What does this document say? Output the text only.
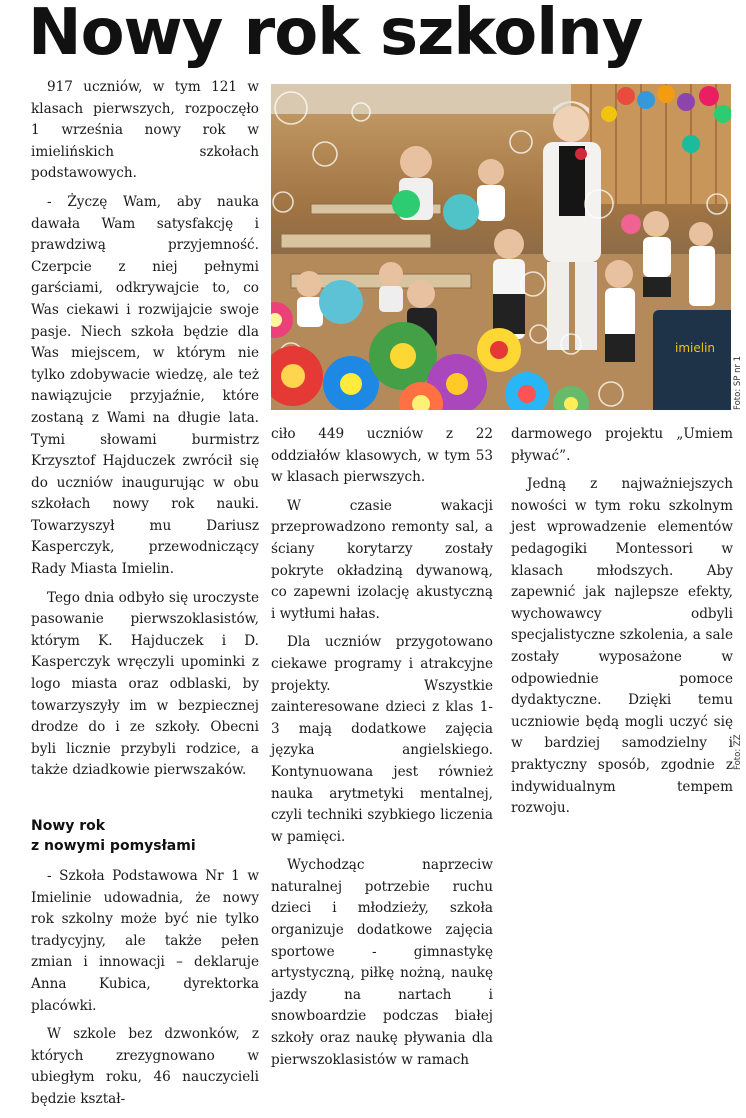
Nowy rok szkolny

917 uczniów, w tym 121 w klasach pierwszych, rozpoczęło 1 września nowy rok w imielińskich szkołach podstawowych.

- Życzę Wam, aby nauka dawała Wam satysfakcję i prawdziwą przyjemność. Czerpcie z niej pełnymi garściami, odkrywajcie to, co Was ciekawi i rozwijajcie swoje pasje. Niech szkoła będzie dla Was miejscem, w którym nie tylko zdobywacie wiedzę, ale też nawiązujcie przyjaźnie, które zostaną z Wami na długie lata. Tymi słowami burmistrz Krzysztof Hajduczek zwrócił się do uczniów inaugurując w obu szkołach nowy rok nauki. Towarzyszył mu Dariusz Kasperczyk, przewodniczący Rady Miasta Imielin.

Tego dnia odbyło się uroczyste pasowanie pierwszoklasistów, którym K. Hajduczek i D. Kasperczyk wręczyli upominki z logo miasta oraz odblaski, by towarzyszyły im w bezpiecznej drodze do i ze szkoły. Obecni byli licznie przybyli rodzice, a także dziadkowie pierwszaków.

Nowy rok
z nowymi pomysłami

- Szkoła Podstawowa Nr 1 w Imielinie udowadnia, że nowy rok szkolny może być nie tylko tradycyjny, ale także pełen zmian i innowacji – deklaruje Anna Kubica, dyrektorka placówki.

W szkole bez dzwonków, z których zrezygnowano w ubiegłym roku, 46 nauczycieli będzie kształ-

imielin
Foto: SP nr 1

ciło 449 uczniów z 22 oddziałów klasowych, w tym 53 w klasach pierwszych.

W czasie wakacji przeprowadzono remonty sal, a ściany korytarzy zostały pokryte okładziną dywanową, co zapewni izolację akustyczną i wytłumi hałas.

Dla uczniów przygotowano ciekawe programy i atrakcyjne projekty. Wszystkie zainteresowane dzieci z klas 1-3 mają dodatkowe zajęcia języka angielskiego. Kontynuowana jest również nauka arytmetyki mentalnej, czyli techniki szybkiego liczenia w pamięci.

Wychodząc naprzeciw naturalnej potrzebie ruchu dzieci i młodzieży, szkoła organizuje dodatkowe zajęcia sportowe - gimnastykę artystyczną, piłkę nożną, naukę jazdy na nartach i snowboardzie podczas białej szkoły oraz naukę pływania dla pierwszoklasistów w ramach

darmowego projektu „Umiem pływać”.

Jedną z najważniejszych nowości w tym roku szkolnym jest wprowadzenie elementów pedagogiki Montessori w klasach młodszych. Aby zapewnić jak najlepsze efekty, wychowawcy odbyli specjalistyczne szkolenia, a sale zostały wyposażone w odpowiednie pomoce dydaktyczne. Dzięki temu uczniowie będą mogli uczyć się w bardziej samodzielny i praktyczny sposób, zgodnie z indywidualnym tempem rozwoju.

Foto: ZZ
